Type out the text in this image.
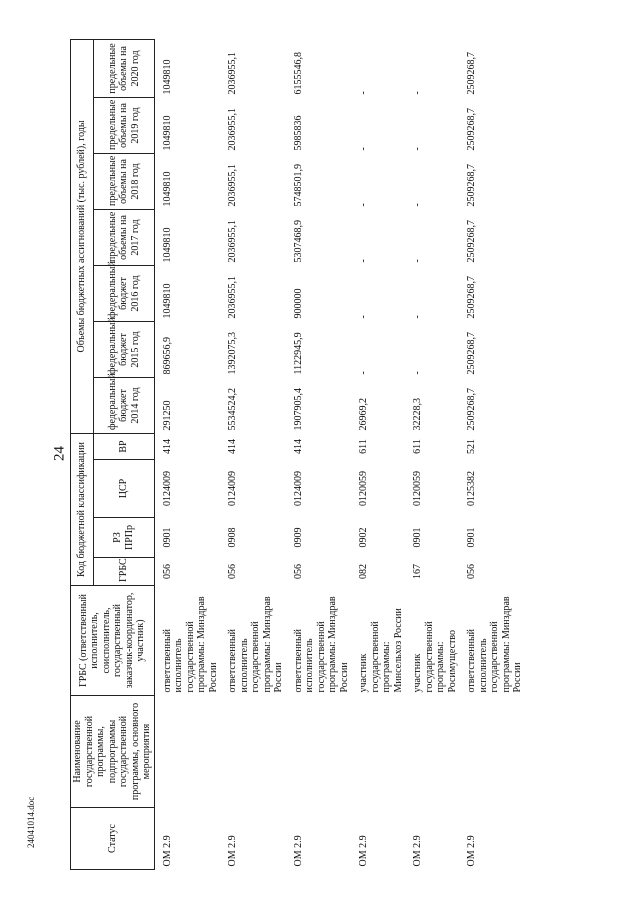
24
24041014.doc	Статус	Наименование государственной программы, подпрограммы государственной программы, основного мероприятия	ГРБС (ответственный исполнитель, соисполнитель, государственный заказчик-координатор, участник)	Код бюджетной классификации				Объемы бюджетных ассигнований (тыс. рублей), годы						
			ГРБС	РЗ ПРПр	ЦСР	ВР	федеральный бюджет 2014 год	федеральный бюджет 2015 год	федеральный бюджет 2016 год	предельные объемы на 2017 год	предельные объемы на 2018 год	предельные объемы на 2019 год	предельные объемы на 2020 год
ОМ 2.9		ответственный исполнитель государственной программы: Минздрав России	056	0901	0124009	414	291250	869656,9	1049810	1049810	1049810	1049810	1049810
ОМ 2.9		ответственный исполнитель государственной программы: Минздрав России	056	0908	0124009	414	5534524,2	1392075,3	2036955,1	2036955,1	2036955,1	2036955,1	2036955,1
ОМ 2.9		ответственный исполнитель государственной программы: Минздрав России	056	0909	0124009	414	1907905,4	1122945,9	900000	5307468,9	5748501,9	5985836	6155546,8
ОМ 2.9		участник государственной программы: Минсельхоз России	082	0902	0120059	611	26969,2	-	-	-	-	-	-
ОМ 2.9		участник государственной программы: Росимущество	167	0901	0120059	611	32228,3	-	-	-	-	-	-
ОМ 2.9		ответственный исполнитель государственной программы: Минздрав России	056	0901	0125382	521	2509268,7	2509268,7	2509268,7	2509268,7	2509268,7	2509268,7	2509268,7
